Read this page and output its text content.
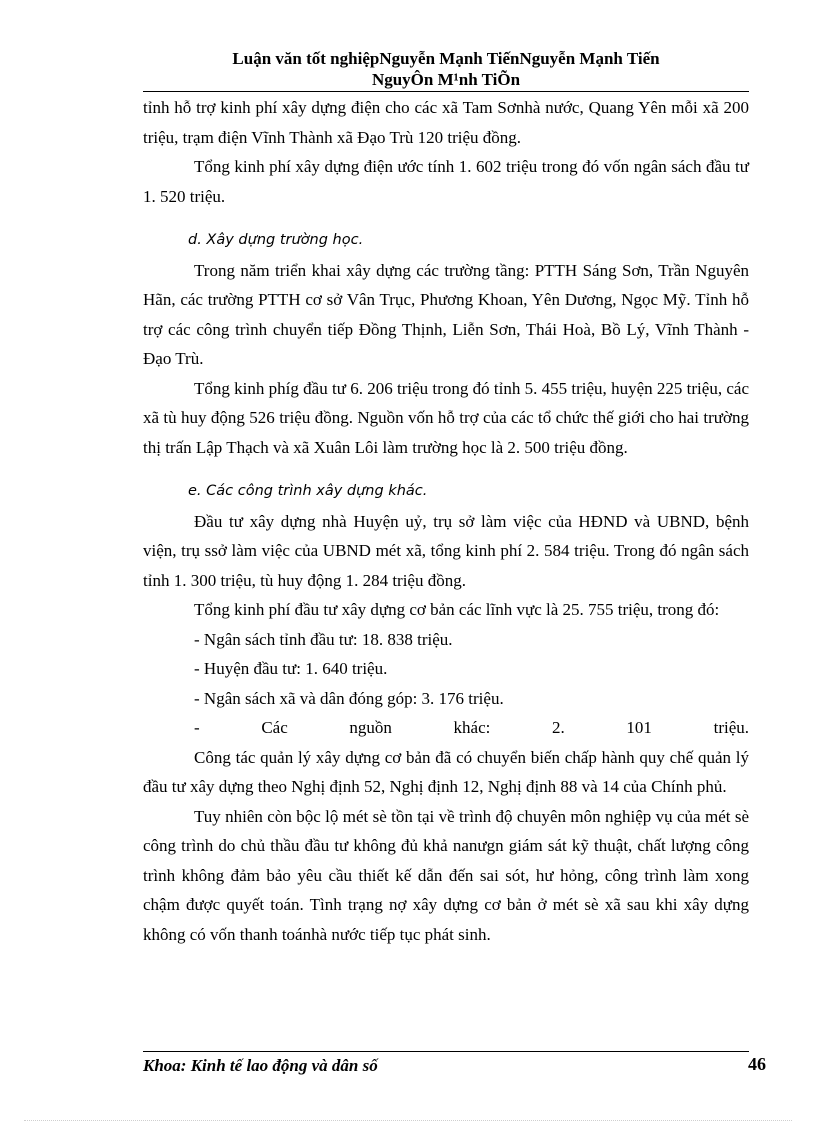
Luận văn tốt nghiệpNguyễn Mạnh TiếnNguyễn Mạnh Tiến
NguyÔn M¹nh TiÕn

tỉnh hỗ trợ kinh phí xây dựng điện cho các xã Tam Sơnhà nước, Quang Yên mỗi xã 200 triệu, trạm điện Vĩnh Thành xã Đạo Trù 120 triệu đồng.

Tổng kinh phí xây dựng điện ước tính 1. 602 triệu trong đó vốn ngân sách đầu tư 1. 520 triệu.

d. Xây dựng trường học.

Trong năm triển khai xây dựng các trường tầng: PTTH Sáng Sơn, Trần Nguyên Hãn, các trường PTTH cơ sở Vân Trục, Phương Khoan, Yên Dương, Ngọc Mỹ. Tỉnh hỗ trợ các công trình chuyển tiếp Đồng Thịnh, Liễn Sơn, Thái Hoà, Bồ Lý, Vĩnh Thành - Đạo Trù.

Tổng kinh phíg đầu tư 6. 206 triệu trong đó tỉnh 5. 455 triệu, huyện 225 triệu, các xã tù huy động 526 triệu đồng. Nguồn vốn hỗ trợ của các tổ chức thế giới cho hai trường thị trấn Lập Thạch và xã Xuân Lôi làm trường học là 2. 500 triệu đồng.

e. Các công trình xây dựng khác.

Đầu tư xây dựng nhà Huyện uỷ, trụ sở làm việc của HĐND và UBND, bệnh viện, trụ ssở làm việc của UBND mét xã, tổng kinh phí 2. 584 triệu. Trong đó ngân sách tỉnh 1. 300 triệu, tù huy động 1. 284 triệu đồng.

Tổng kinh phí đầu tư xây dựng cơ bản các lĩnh vực là 25. 755 triệu, trong đó:

- Ngân sách tỉnh đầu tư: 18. 838 triệu.

- Huyện đầu tư: 1. 640 triệu.

- Ngân sách xã và dân đóng góp: 3. 176 triệu.

- Các nguồn khác: 2. 101 triệu.

Công tác quản lý xây dựng cơ bản đã có chuyển biến chấp hành quy chế quản lý đầu tư xây dựng theo Nghị định 52, Nghị định 12, Nghị định 88 và 14 của Chính phủ.

Tuy nhiên còn bộc lộ mét sè tồn tại về trình độ chuyên môn nghiệp vụ của mét sè công trình do chủ thầu đầu tư không đủ khả nanưgn giám sát kỹ thuật, chất lượng công trình không đảm bảo yêu cầu thiết kế dẫn đến sai sót, hư hỏng, công trình làm xong chậm được quyết toán. Tình trạng nợ xây dựng cơ bản ở mét sè xã sau khi xây dựng không có vốn thanh toánhà nước tiếp tục phát sinh.

Khoa: Kinh tế lao động và dân số	46
